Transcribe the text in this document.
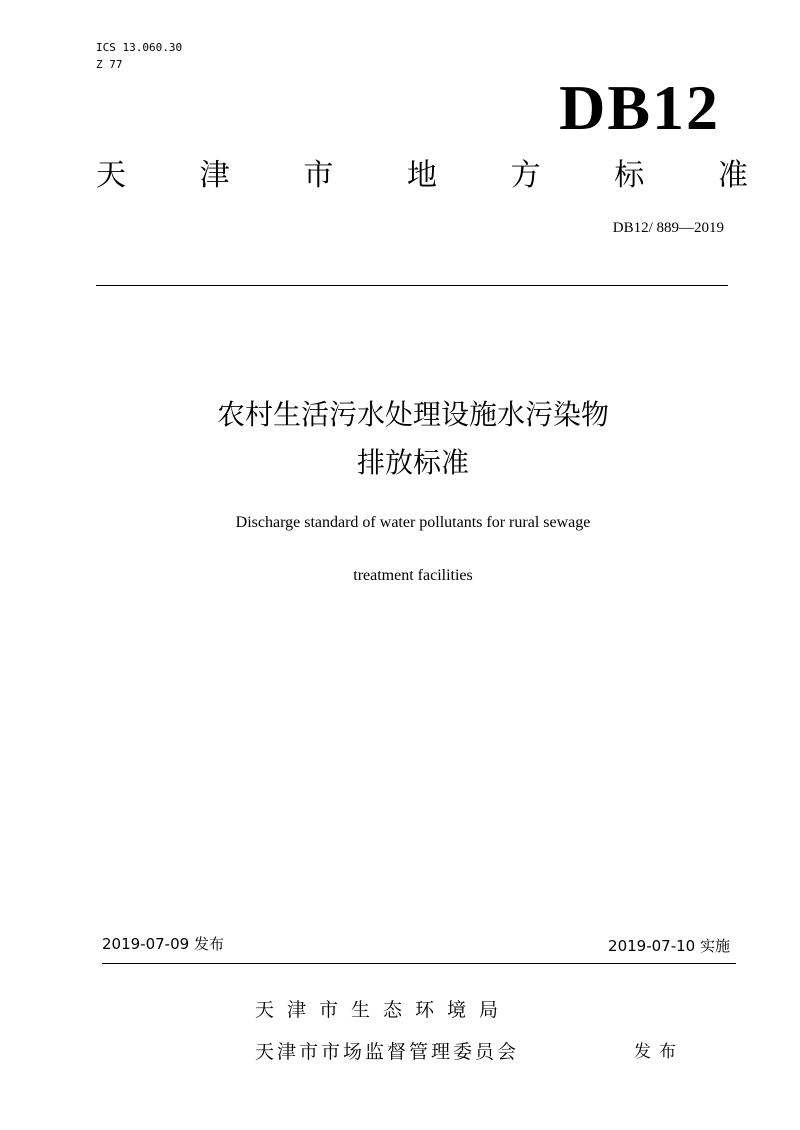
ICS 13.060.30
Z 77
DB12
天 津 市 地 方 标 准
DB12/ 889—2019
农村生活污水处理设施水污染物
排放标准
Discharge standard of water pollutants for rural sewage
treatment facilities
2019-07-09 发布	2019-07-10 实施
天津市生态环境局
天津市市场监督管理委员会	发布
